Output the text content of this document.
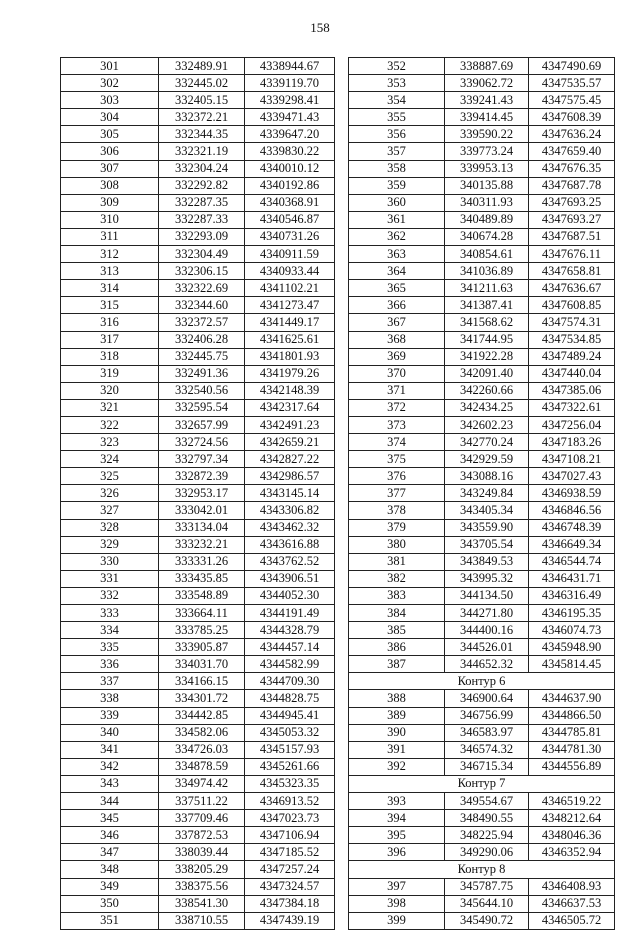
158
301	332489.91	4338944.67
302	332445.02	4339119.70
303	332405.15	4339298.41
304	332372.21	4339471.43
305	332344.35	4339647.20
306	332321.19	4339830.22
307	332304.24	4340010.12
308	332292.82	4340192.86
309	332287.35	4340368.91
310	332287.33	4340546.87
311	332293.09	4340731.26
312	332304.49	4340911.59
313	332306.15	4340933.44
314	332322.69	4341102.21
315	332344.60	4341273.47
316	332372.57	4341449.17
317	332406.28	4341625.61
318	332445.75	4341801.93
319	332491.36	4341979.26
320	332540.56	4342148.39
321	332595.54	4342317.64
322	332657.99	4342491.23
323	332724.56	4342659.21
324	332797.34	4342827.22
325	332872.39	4342986.57
326	332953.17	4343145.14
327	333042.01	4343306.82
328	333134.04	4343462.32
329	333232.21	4343616.88
330	333331.26	4343762.52
331	333435.85	4343906.51
332	333548.89	4344052.30
333	333664.11	4344191.49
334	333785.25	4344328.79
335	333905.87	4344457.14
336	334031.70	4344582.99
337	334166.15	4344709.30
338	334301.72	4344828.75
339	334442.85	4344945.41
340	334582.06	4345053.32
341	334726.03	4345157.93
342	334878.59	4345261.66
343	334974.42	4345323.35
344	337511.22	4346913.52
345	337709.46	4347023.73
346	337872.53	4347106.94
347	338039.44	4347185.52
348	338205.29	4347257.24
349	338375.56	4347324.57
350	338541.30	4347384.18
351	338710.55	4347439.19
352	338887.69	4347490.69
353	339062.72	4347535.57
354	339241.43	4347575.45
355	339414.45	4347608.39
356	339590.22	4347636.24
357	339773.24	4347659.40
358	339953.13	4347676.35
359	340135.88	4347687.78
360	340311.93	4347693.25
361	340489.89	4347693.27
362	340674.28	4347687.51
363	340854.61	4347676.11
364	341036.89	4347658.81
365	341211.63	4347636.67
366	341387.41	4347608.85
367	341568.62	4347574.31
368	341744.95	4347534.85
369	341922.28	4347489.24
370	342091.40	4347440.04
371	342260.66	4347385.06
372	342434.25	4347322.61
373	342602.23	4347256.04
374	342770.24	4347183.26
375	342929.59	4347108.21
376	343088.16	4347027.43
377	343249.84	4346938.59
378	343405.34	4346846.56
379	343559.90	4346748.39
380	343705.54	4346649.34
381	343849.53	4346544.74
382	343995.32	4346431.71
383	344134.50	4346316.49
384	344271.80	4346195.35
385	344400.16	4346074.73
386	344526.01	4345948.90
387	344652.32	4345814.45
Контур 6		
388	346900.64	4344637.90
389	346756.99	4344866.50
390	346583.97	4344785.81
391	346574.32	4344781.30
392	346715.34	4344556.89
Контур 7		
393	349554.67	4346519.22
394	348490.55	4348212.64
395	348225.94	4348046.36
396	349290.06	4346352.94
Контур 8		
397	345787.75	4346408.93
398	345644.10	4346637.53
399	345490.72	4346505.72
